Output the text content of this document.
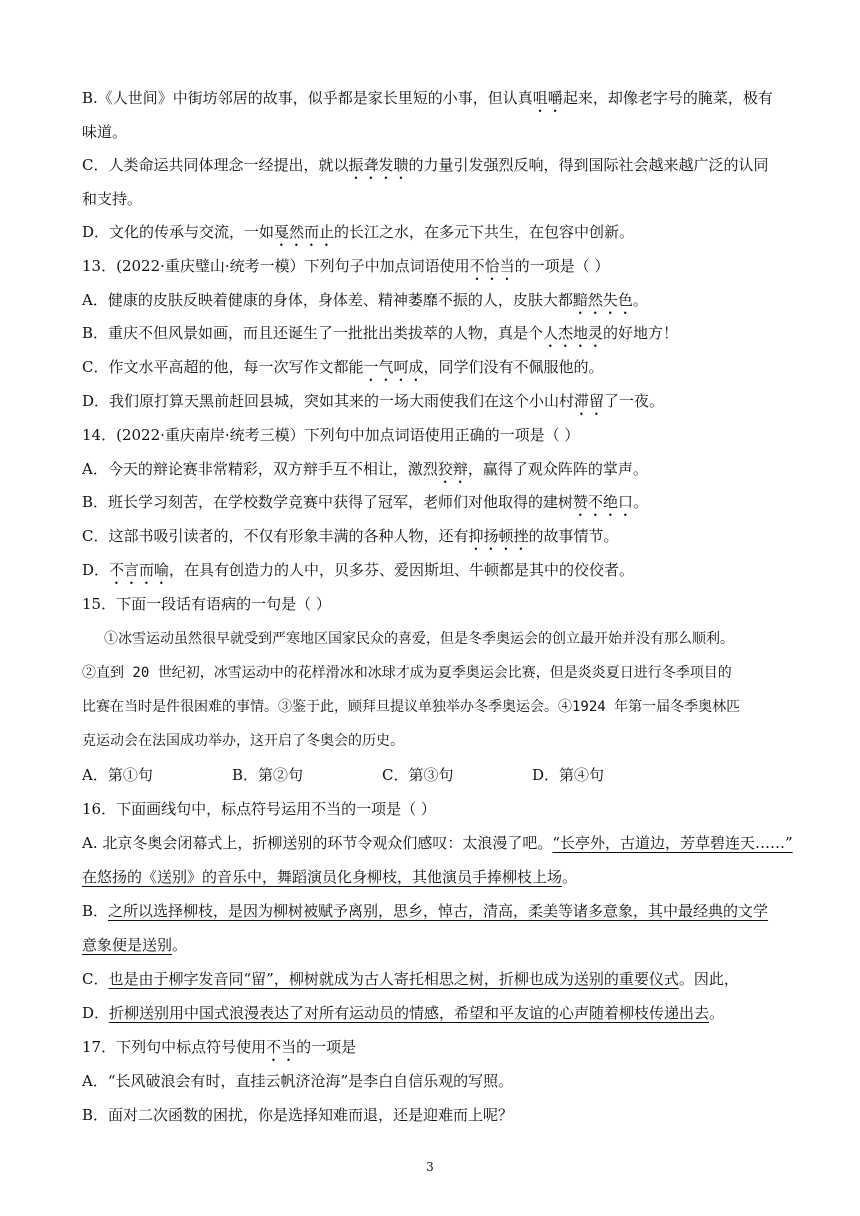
B.《人世间》中街坊邻居的故事，似乎都是家长里短的小事，但认真咀嚼起来，却像老字号的腌菜，极有
味道。
C．人类命运共同体理念一经提出，就以振聋发聩的力量引发强烈反响，得到国际社会越来越广泛的认同
和支持。
D．文化的传承与交流，一如戛然而止的长江之水，在多元下共生，在包容中创新。
13．(2022·重庆璧山·统考一模）下列句子中加点词语使用不恰当的一项是（ ）
A．健康的皮肤反映着健康的身体，身体差、精神萎靡不振的人，皮肤大都黯然失色。
B．重庆不但风景如画，而且还诞生了一批批出类拔萃的人物，真是个人杰地灵的好地方！
C．作文水平高超的他，每一次写作文都能一气呵成，同学们没有不佩服他的。
D．我们原打算天黑前赶回县城，突如其来的一场大雨使我们在这个小山村滞留了一夜。
14．(2022·重庆南岸·统考三模）下列句中加点词语使用正确的一项是（ ）
A．今天的辩论赛非常精彩，双方辩手互不相让，激烈狡辩，赢得了观众阵阵的掌声。
B．班长学习刻苦，在学校数学竞赛中获得了冠军，老师们对他取得的建树赞不绝口。
C．这部书吸引读者的，不仅有形象丰满的各种人物，还有抑扬顿挫的故事情节。
D．不言而喻，在具有创造力的人中，贝多芬、爱因斯坦、牛顿都是其中的佼佼者。
15．下面一段话有语病的一句是（ ）
①冰雪运动虽然很早就受到严寒地区国家民众的喜爱，但是冬季奥运会的创立最开始并没有那么顺利。
②直到 20 世纪初，冰雪运动中的花样滑冰和冰球才成为夏季奥运会比赛，但是炎炎夏日进行冬季项目的
比赛在当时是件很困难的事情。③鉴于此，顾拜旦提议单独举办冬季奥运会。④1924 年第一届冬季奥林匹
克运动会在法国成功举办，这开启了冬奥会的历史。
A．第①句	B．第②句	C．第③句	D．第④句
16．下面画线句中，标点符号运用不当的一项是（ ）
A. 北京冬奥会闭幕式上，折柳送别的环节令观众们感叹：太浪漫了吧。“长亭外，古道边，芳草碧连天……”
在悠扬的《送别》的音乐中，舞蹈演员化身柳枝，其他演员手捧柳枝上场。
B．之所以选择柳枝，是因为柳树被赋予离别，思乡，悼古，清高，柔美等诸多意象，其中最经典的文学
意象便是送别。
C．也是由于柳字发音同“留”，柳树就成为古人寄托相思之树，折柳也成为送别的重要仪式。因此，
D．折柳送别用中国式浪漫表达了对所有运动员的情感，希望和平友谊的心声随着柳枝传递出去。
17．下列句中标点符号使用不当的一项是
A．“长风破浪会有时，直挂云帆济沧海”是李白自信乐观的写照。
B．面对二次函数的困扰，你是选择知难而退，还是迎难而上呢？
3
